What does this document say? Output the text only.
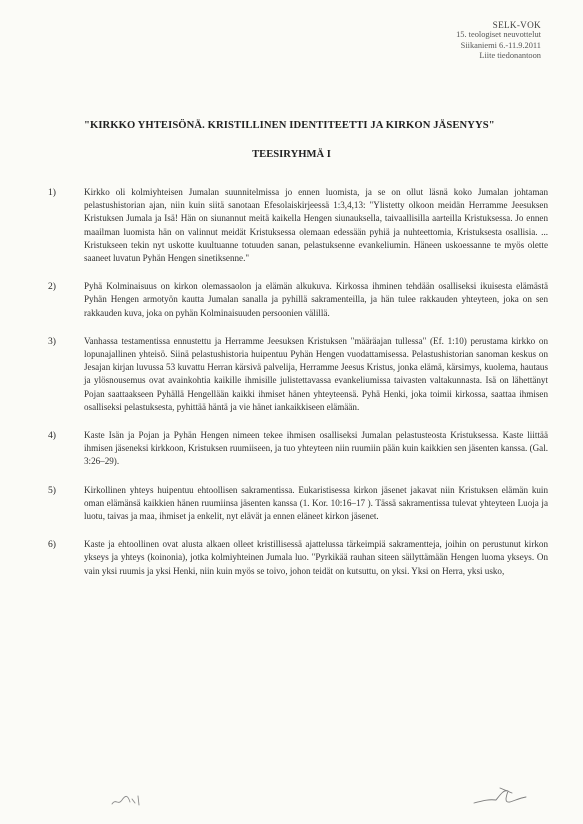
SELK-VOK
15. teologiset neuvottelut
Siikaniemi 6.-11.9.2011
Liite tiedonantoon
"KIRKKO YHTEISÖNÄ. KRISTILLINEN IDENTITEETTI JA KIRKON JÄSENYYS"
TEESIRYHMÄ I
1)	Kirkko oli kolmiyhteisen Jumalan suunnitelmissa jo ennen luomista, ja se on ollut läsnä koko Jumalan johtaman pelastushistorian ajan, niin kuin siitä sanotaan Efesolaiskirjeessä 1:3,4,13: "Ylistetty olkoon meidän Herramme Jeesuksen Kristuksen Jumala ja Isä! Hän on siunannut meitä kaikella Hengen siunauksella, taivaallisilla aarteilla Kristuksessa. Jo ennen maailman luomista hän on valinnut meidät Kristuksessa olemaan edessään pyhiä ja nuhteettomia, Kristuksesta osallisia. ... Kristukseen tekin nyt uskotte kuultuanne totuuden sanan, pelastuksenne evankeliumin. Häneen uskoessanne te myös olette saaneet luvatun Pyhän Hengen sinetiksenne."
2)	Pyhä Kolminaisuus on kirkon olemassaolon ja elämän alkukuva. Kirkossa ihminen tehdään osalliseksi ikuisesta elämästä Pyhän Hengen armotyön kautta Jumalan sanalla ja pyhillä sakramenteilla, ja hän tulee rakkauden yhteyteen, joka on sen rakkauden kuva, joka on pyhän Kolminaisuuden persoonien välillä.
3)	Vanhassa testamentissa ennustettu ja Herramme Jeesuksen Kristuksen "määräajan tullessa" (Ef. 1:10) perustama kirkko on lopunajallinen yhteisö. Siinä pelastushistoria huipentuu Pyhän Hengen vuodattamisessa. Pelastushistorian sanoman keskus on Jesajan kirjan luvussa 53 kuvattu Herran kärsivä palvelija, Herramme Jeesus Kristus, jonka elämä, kärsimys, kuolema, hautaus ja ylösnousemus ovat avainkohtia kaikille ihmisille julistettavassa evankeliumissa taivasten valtakunnasta. Isä on lähettänyt Pojan saattaakseen Pyhällä Hengellään kaikki ihmiset hänen yhteyteensä. Pyhä Henki, joka toimii kirkossa, saattaa ihmisen osalliseksi pelastuksesta, pyhittää häntä ja vie hänet iankaikkiseen elämään.
4)	Kaste Isän ja Pojan ja Pyhän Hengen nimeen tekee ihmisen osalliseksi Jumalan pelastusteosta Kristuksessa. Kaste liittää ihmisen jäseneksi kirkkoon, Kristuksen ruumiiseen, ja tuo yhteyteen niin ruumiin pään kuin kaikkien sen jäsenten kanssa. (Gal. 3:26–29).
5)	Kirkollinen yhteys huipentuu ehtoollisen sakramentissa. Eukaristisessa kirkon jäsenet jakavat niin Kristuksen elämän kuin oman elämänsä kaikkien hänen ruumiinsa jäsenten kanssa (1. Kor. 10:16–17 ). Tässä sakramentissa tulevat yhteyteen Luoja ja luotu, taivas ja maa, ihmiset ja enkelit, nyt elävät ja ennen eläneet kirkon jäsenet.
6)	Kaste ja ehtoollinen ovat alusta alkaen olleet kristillisessä ajattelussa tärkeimpiä sakramentteja, joihin on perustunut kirkon ykseys ja yhteys (koinonia), jotka kolmiyhteinen Jumala luo. "Pyrkikää rauhan siteen säilyttämään Hengen luoma ykseys. On vain yksi ruumis ja yksi Henki, niin kuin myös se toivo, johon teidät on kutsuttu, on yksi. Yksi on Herra, yksi usko,
